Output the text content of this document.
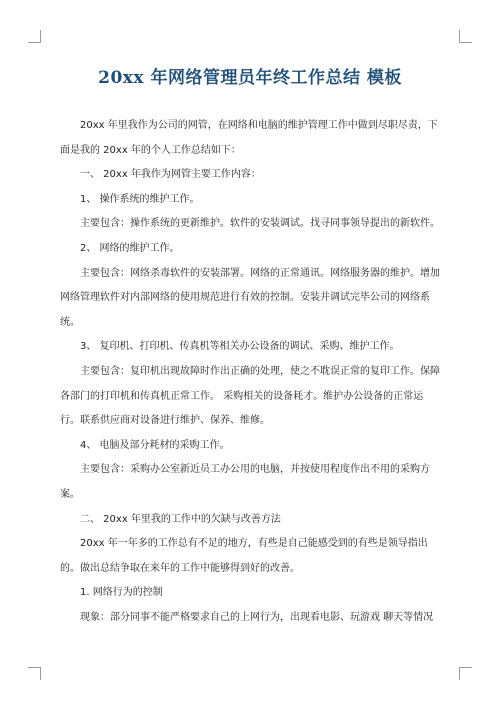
20xx 年网络管理员年终工作总结 模板

20xx 年里我作为公司的网管，在网络和电脑的维护管理工作中做到尽职尽责，下面是我的 20xx 年的个人工作总结如下：

一、 20xx 年我作为网管主要工作内容：

1、 操作系统的维护工作。

主要包含：操作系统的更新维护。软件的安装调试。找寻同事领导提出的新软件。

2、 网络的维护工作。

主要包含：网络杀毒软件的安装部署。网络的正常通讯。网络服务器的维护。增加网络管理软件对内部网络的使用规范进行有效的控制。安装并调试完毕公司的网络系统。

3、 复印机、打印机、传真机等相关办公设备的调试、采购、维护工作。

主要包含：复印机出现故障时作出正确的处理，使之不耽误正常的复印工作。保障各部门的打印机和传真机正常工作。 采购相关的设备耗才。维护办公设备的正常运行。联系供应商对设备进行维护、保养、维修。

4、 电脑及部分耗材的采购工作。

主要包含：采购办公室新近员工办公用的电脑，并按使用程度作出不用的采购方案。

二、 20xx 年里我的工作中的欠缺与改善方法

20xx 年一年多的工作总有不足的地方，有些是自己能感受到的有些是领导指出的。做出总结争取在来年的工作中能够得到好的改善。

1. 网络行为的控制

现象：部分同事不能严格要求自己的上网行为，出现看电影、玩游戏 聊天等情况
